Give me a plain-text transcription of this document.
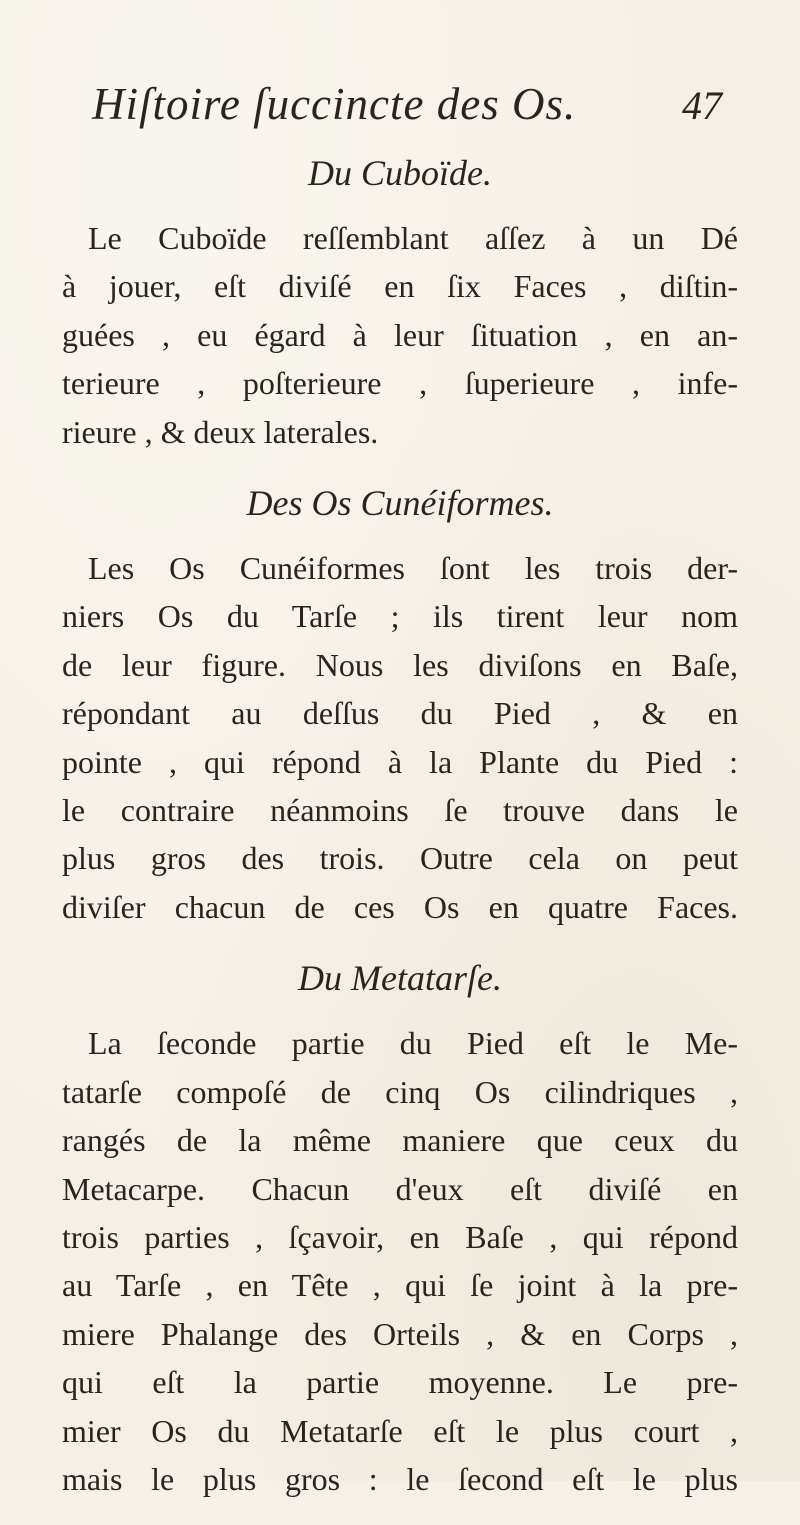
Hiſtoire ſuccincte des Os.	47
Du Cuboïde.
Le Cuboïde reſſemblant aſſez à un Dé
à jouer, eſt diviſé en ſix Faces , diſtin-
guées , eu égard à leur ſituation , en an-
terieure , poſterieure , ſuperieure , infe-
rieure , & deux laterales.
Des Os Cunéiformes.
Les Os Cunéiformes ſont les trois der-
niers Os du Tarſe ; ils tirent leur nom
de leur figure. Nous les diviſons en Baſe,
répondant au deſſus du Pied , & en
pointe , qui répond à la Plante du Pied :
le contraire néanmoins ſe trouve dans le
plus gros des trois. Outre cela on peut
diviſer chacun de ces Os en quatre Faces.
Du Metatarſe.
La ſeconde partie du Pied eſt le Me-
tatarſe compoſé de cinq Os cilindriques ,
rangés de la même maniere que ceux du
Metacarpe. Chacun d'eux eſt diviſé en
trois parties , ſçavoir, en Baſe , qui répond
au Tarſe , en Tête , qui ſe joint à la pre-
miere Phalange des Orteils , & en Corps ,
qui eſt la partie moyenne. Le pre-
mier Os du Metatarſe eſt le plus court ,
mais le plus gros : le ſecond eſt le plus
